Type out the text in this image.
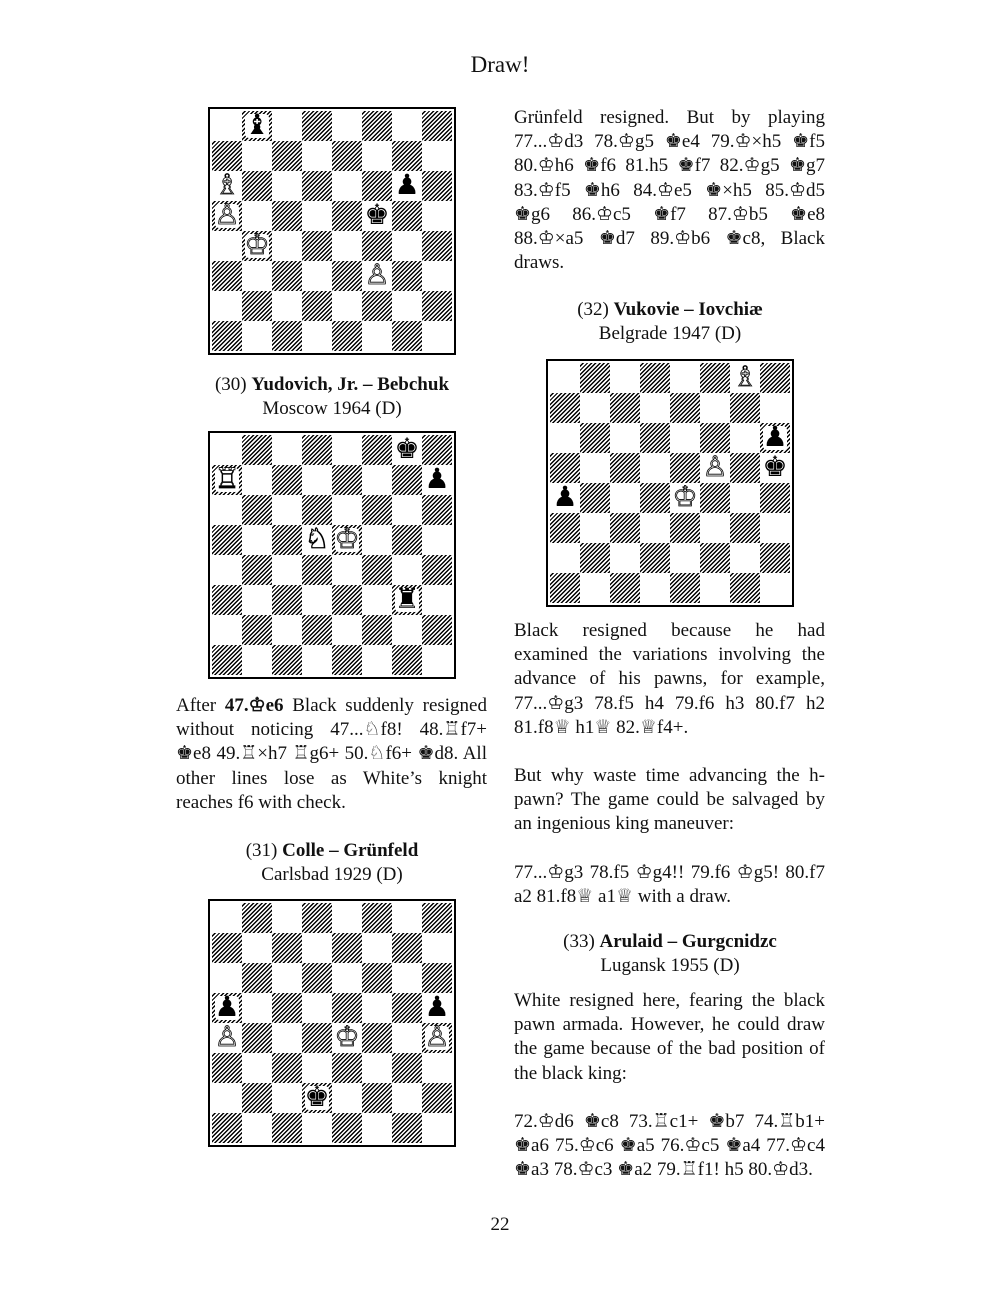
Draw!
♝
♗	♟
♙	♚
♔
♙
♚
♖	♟
♘ ♔
♜
♟	♟
♙	♔ ♙
♚
♗
♟
♙ ♚
♟	♔
(30) Yudovich, Jr. – Bebchuk
Moscow 1964 (D)
(31) Colle – Grünfeld
Carlsbad 1929 (D)
(32) Vukovie – Iovchiæ
Belgrade 1947 (D)
(33) Arulaid – Gurgcnidzc
Lugansk 1955 (D)

After 47.♔e6 Black suddenly resigned without noticing 47...♘f8! 48.♖f7+ ♚e8 49.♖×h7 ♖g6+ 50.♘f6+ ♚d8. All other lines lose as White’s knight reaches f6 with check.

Grünfeld resigned. But by playing 77...♔d3 78.♔g5 ♚e4 79.♔×h5 ♚f5 80.♔h6 ♚f6 81.h5 ♚f7 82.♔g5 ♚g7 83.♔f5 ♚h6 84.♔e5 ♚×h5 85.♔d5 ♚g6 86.♔c5 ♚f7 87.♔b5 ♚e8 88.♔×a5 ♚d7 89.♔b6 ♚c8, Black draws.

Black resigned because he had examined the variations involving the advance of his pawns, for example, 77...♔g3 78.f5 h4 79.f6 h3 80.f7 h2 81.f8♕ h1♕ 82.♕f4+.

But why waste time advancing the h-pawn? The game could be salvaged by an ingenious king maneuver:

77...♔g3 78.f5 ♔g4!! 79.f6 ♔g5! 80.f7 a2 81.f8♕ a1♕ with a draw.

White resigned here, fearing the black pawn armada. However, he could draw the game because of the bad position of the black king:

72.♔d6 ♚c8 73.♖c1+ ♚b7 74.♖b1+ ♚a6 75.♔c6 ♚a5 76.♔c5 ♚a4 77.♔c4 ♚a3 78.♔c3 ♚a2 79.♖f1! h5 80.♔d3.

22
